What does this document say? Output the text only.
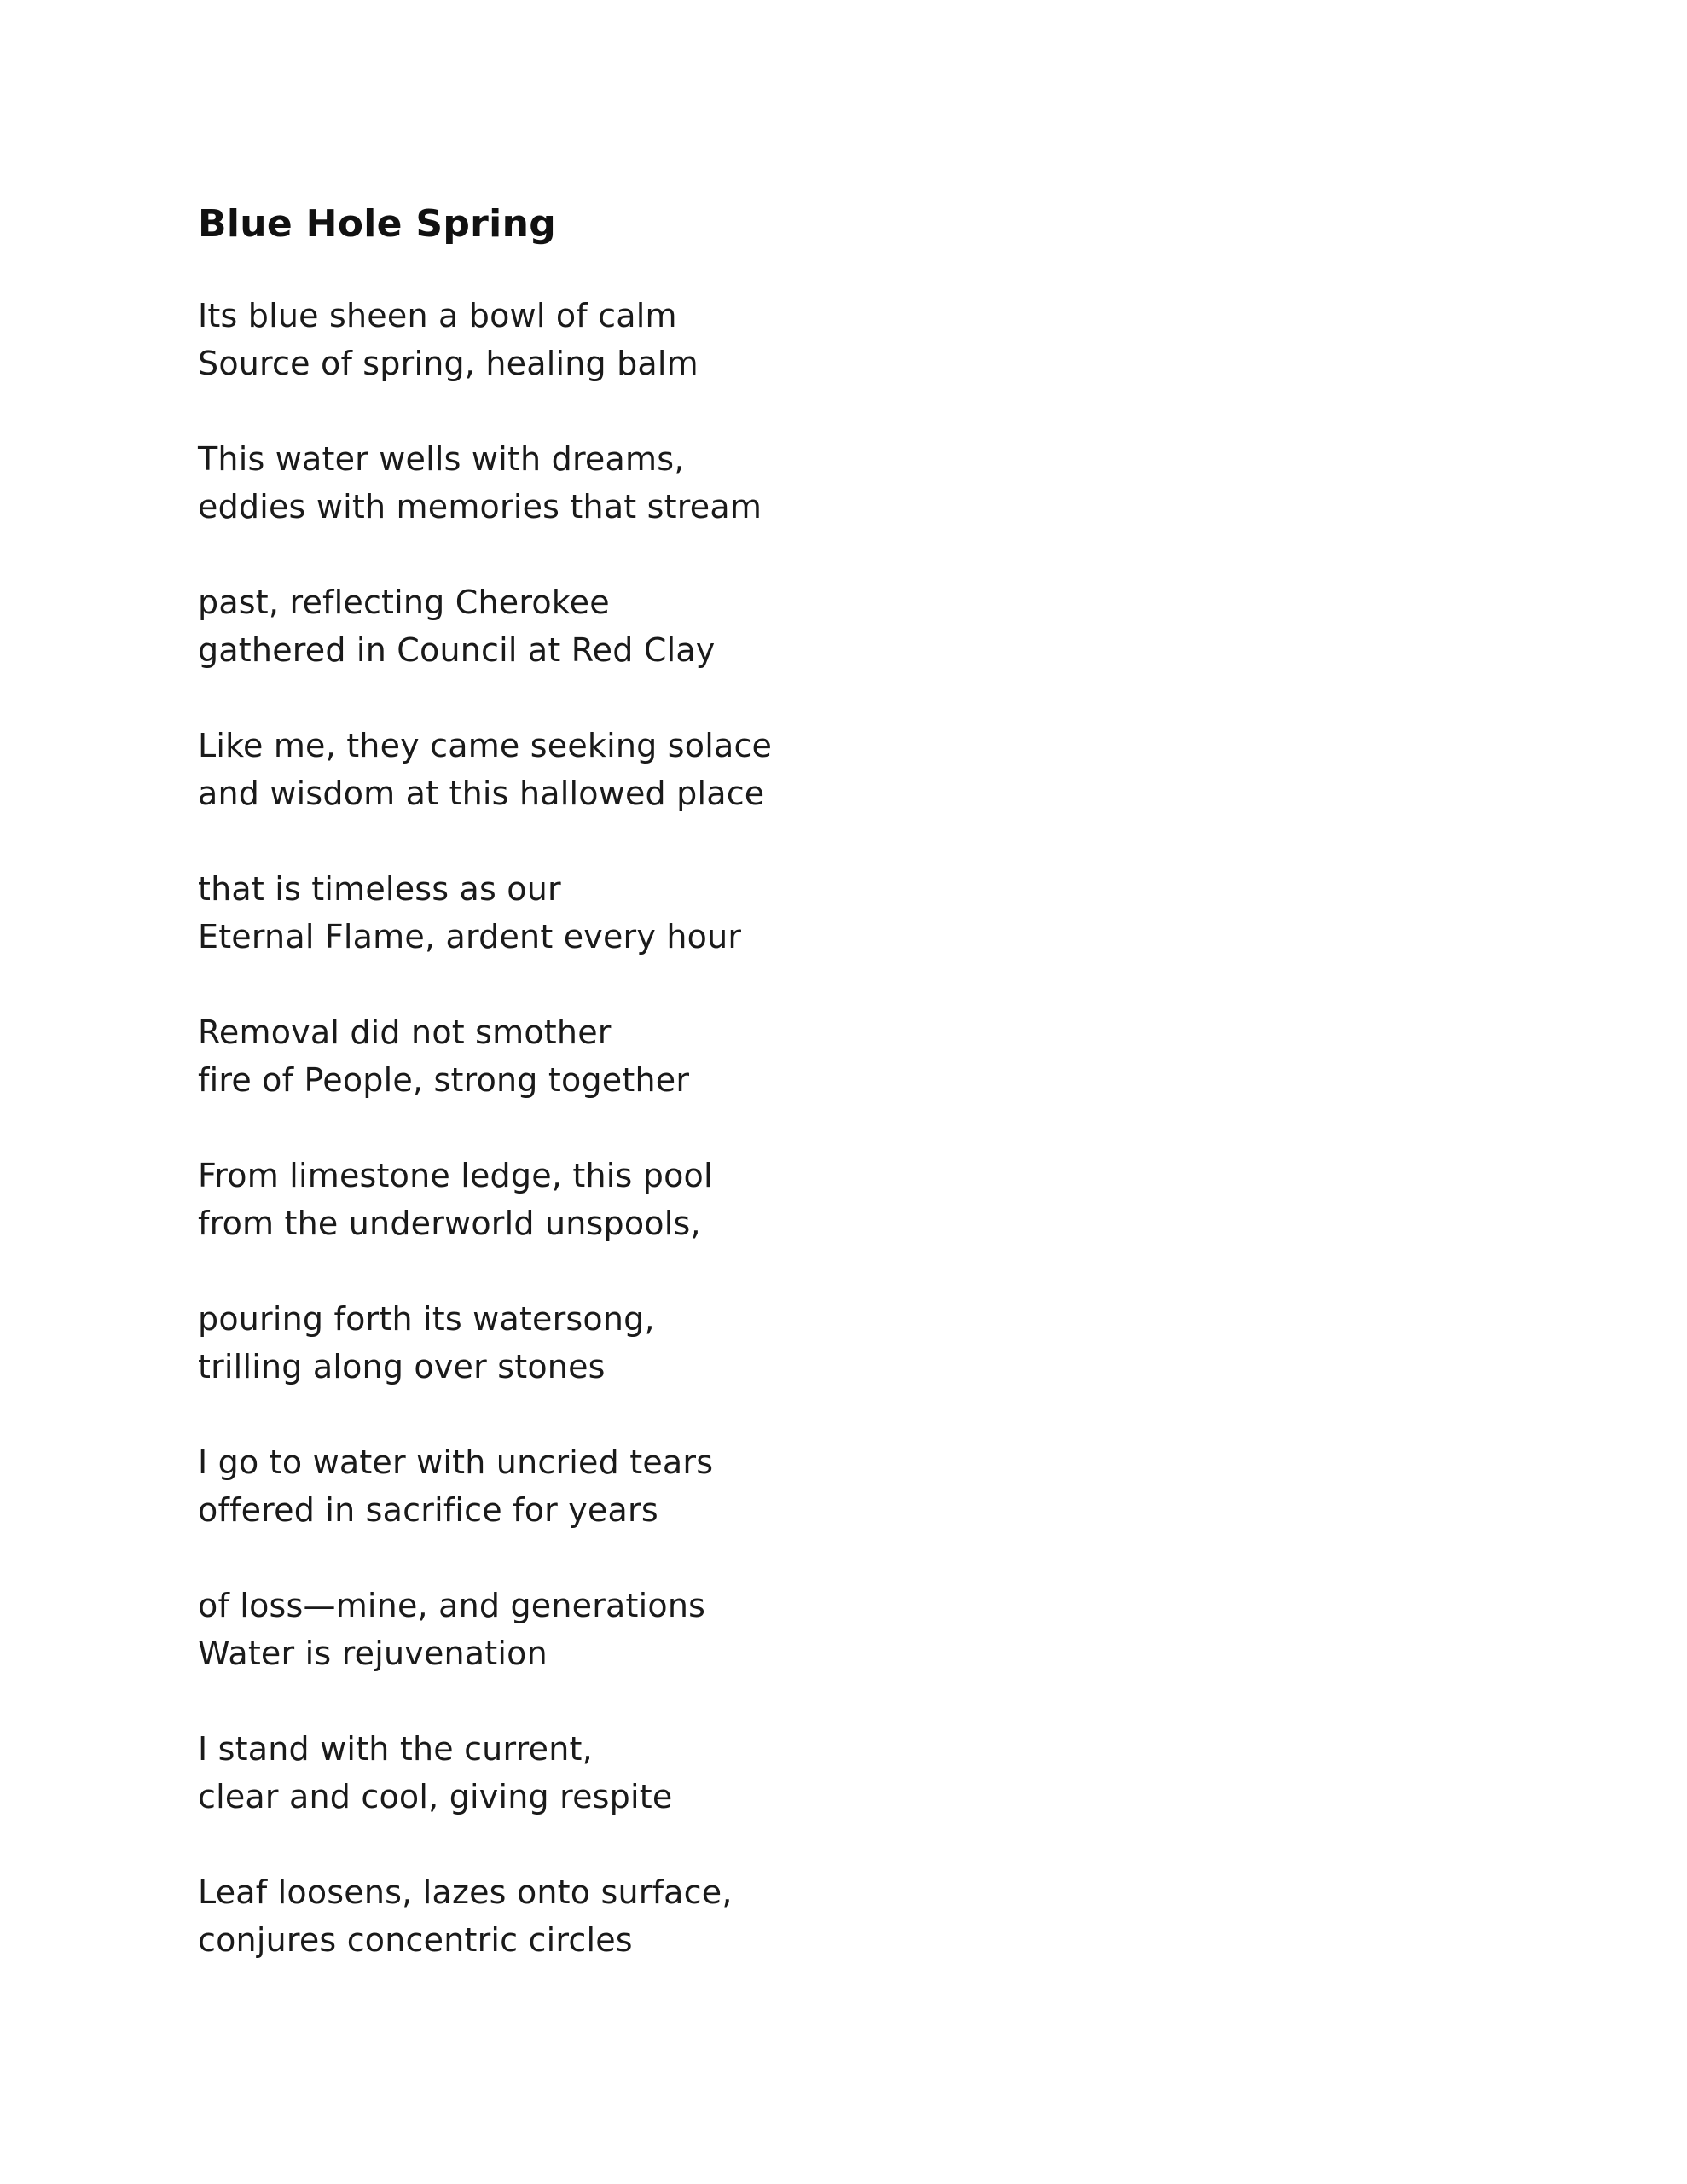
Blue Hole Spring
Its blue sheen a bowl of calm
Source of spring, healing balm
This water wells with dreams,
eddies with memories that stream
past, reflecting Cherokee
gathered in Council at Red Clay
Like me, they came seeking solace
and wisdom at this hallowed place
that is timeless as our
Eternal Flame, ardent every hour
Removal did not smother
fire of People, strong together
From limestone ledge, this pool
from the underworld unspools,
pouring forth its watersong,
trilling along over stones
I go to water with uncried tears
offered in sacrifice for years
of loss—mine, and generations
Water is rejuvenation
I stand with the current,
clear and cool, giving respite
Leaf loosens, lazes onto surface,
conjures concentric circles
